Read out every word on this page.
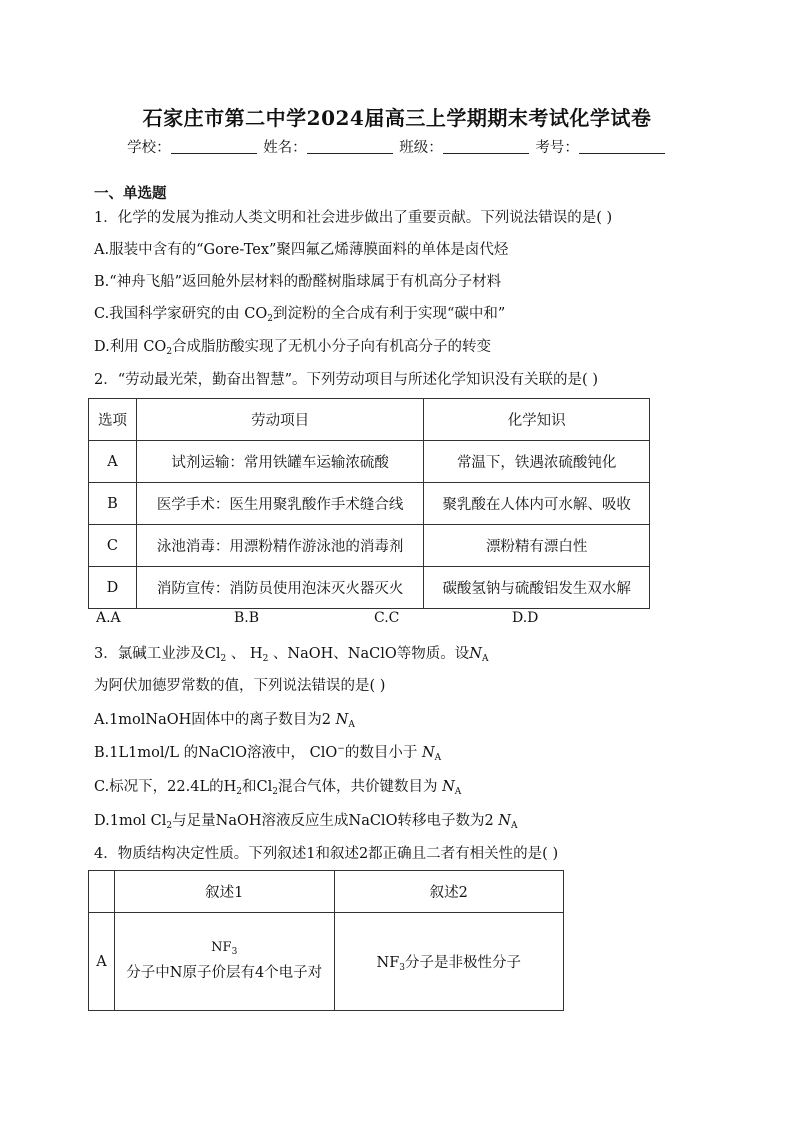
石家庄市第二中学2024届高三上学期期末考试化学试卷
学校：	姓名：	班级：	考号：
一、单选题
1．化学的发展为推动人类文明和社会进步做出了重要贡献。下列说法错误的是( )
A.服装中含有的“Gore-Tex”聚四氟乙烯薄膜面料的单体是卤代烃
B.“神舟飞船”返回舱外层材料的酚醛树脂球属于有机高分子材料
C.我国科学家研究的由 $CO_2$到淀粉的全合成有利于实现“碳中和”
D.利用 $CO_2$合成脂肪酸实现了无机小分子向有机高分子的转变
2．“劳动最光荣，勤奋出智慧”。下列劳动项目与所述化学知识没有关联的是( )
选项	劳动项目	化学知识
A	试剂运输：常用铁罐车运输浓硫酸	常温下，铁遇浓硫酸钝化
B	医学手术：医生用聚乳酸作手术缝合线	聚乳酸在人体内可水解、吸收
C	泳池消毒：用漂粉精作游泳池的消毒剂	漂粉精有漂白性
D	消防宣传：消防员使用泡沫灭火器灭火	碳酸氢钠与硫酸铝发生双水解
A.A	B.B	C.C	D.D
3．氯碱工业涉及$Cl_2$ 、 $H_2$ 、NaOH、NaClO等物质。设$N_A$
为阿伏加德罗常数的值，下列说法错误的是( )
A.1molNaOH固体中的离子数目为2 $N_A$
B.1L1mol/L 的NaClO溶液中， ClO−的数目小于 $N_A$
C.标况下，22.4L的$H_2$和$Cl_2$混合气体，共价键数目为 $N_A$
D.1mol $Cl_2$与足量NaOH溶液反应生成NaClO转移电子数为2 $N_A$
4．物质结构决定性质。下列叙述1和叙述2都正确且二者有相关性的是( )
	叙述1	叙述2
A	$NF_3$
分子中N原子价层有4个电子对	$NF_3$分子是非极性分子
